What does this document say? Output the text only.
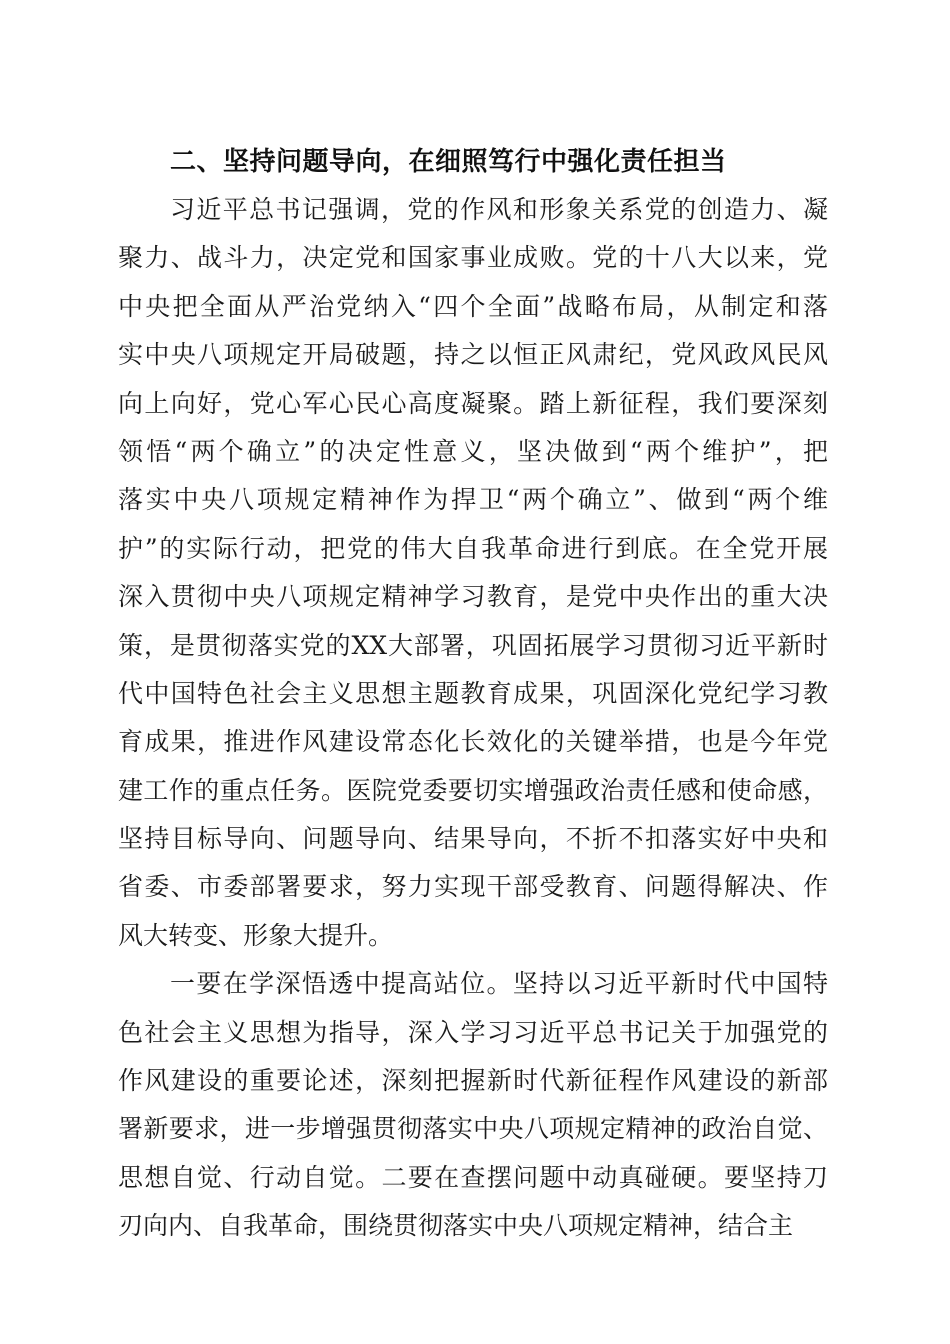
二、坚持问题导向，在细照笃行中强化责任担当
习近平总书记强调，党的作风和形象关系党的创造力、凝
聚力、战斗力，决定党和国家事业成败。党的十八大以来，党
中央把全面从严治党纳入“四个全面”战略布局，从制定和落
实中央八项规定开局破题，持之以恒正风肃纪，党风政风民风
向上向好，党心军心民心高度凝聚。踏上新征程，我们要深刻
领悟“两个确立”的决定性意义，坚决做到“两个维护”，把
落实中央八项规定精神作为捍卫“两个确立”、做到“两个维
护”的实际行动，把党的伟大自我革命进行到底。在全党开展
深入贯彻中央八项规定精神学习教育，是党中央作出的重大决
策，是贯彻落实党的XX大部署，巩固拓展学习贯彻习近平新时
代中国特色社会主义思想主题教育成果，巩固深化党纪学习教
育成果，推进作风建设常态化长效化的关键举措，也是今年党
建工作的重点任务。医院党委要切实增强政治责任感和使命感，
坚持目标导向、问题导向、结果导向，不折不扣落实好中央和
省委、市委部署要求，努力实现干部受教育、问题得解决、作
风大转变、形象大提升。
一要在学深悟透中提高站位。坚持以习近平新时代中国特
色社会主义思想为指导，深入学习习近平总书记关于加强党的
作风建设的重要论述，深刻把握新时代新征程作风建设的新部
署新要求，进一步增强贯彻落实中央八项规定精神的政治自觉、
思想自觉、行动自觉。二要在查摆问题中动真碰硬。要坚持刀
刃向内、自我革命，围绕贯彻落实中央八项规定精神，结合主
